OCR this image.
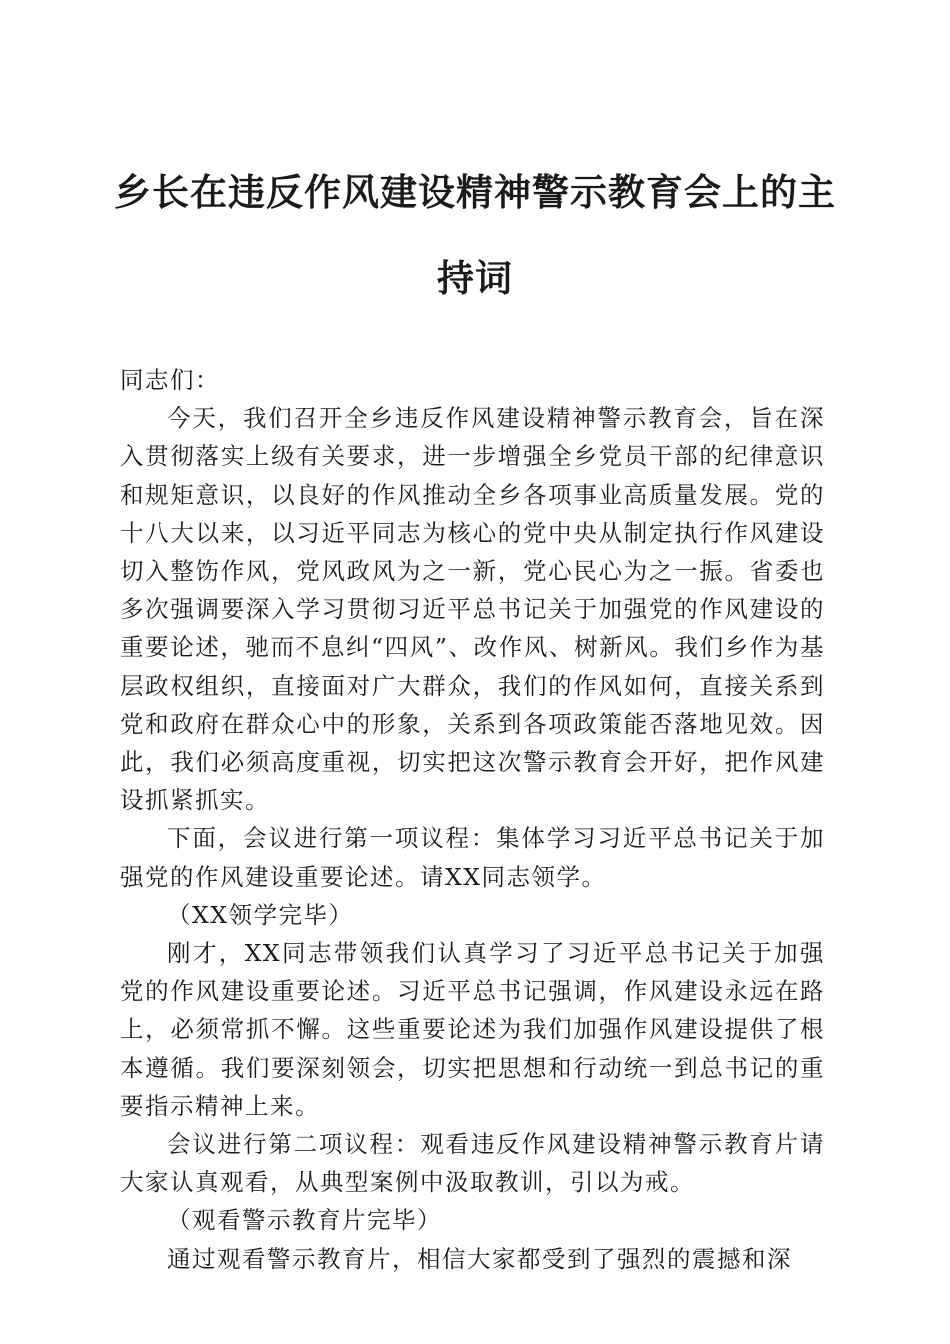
乡长在违反作风建设精神警示教育会上的主持词

同志们：

今天，我们召开全乡违反作风建设精神警示教育会，旨在深入贯彻落实上级有关要求，进一步增强全乡党员干部的纪律意识和规矩意识，以良好的作风推动全乡各项事业高质量发展。党的十八大以来，以习近平同志为核心的党中央从制定执行作风建设切入整饬作风，党风政风为之一新，党心民心为之一振。省委也多次强调要深入学习贯彻习近平总书记关于加强党的作风建设的重要论述，驰而不息纠“四风”、改作风、树新风。我们乡作为基层政权组织，直接面对广大群众，我们的作风如何，直接关系到党和政府在群众心中的形象，关系到各项政策能否落地见效。因此，我们必须高度重视，切实把这次警示教育会开好，把作风建设抓紧抓实。

下面，会议进行第一项议程：集体学习习近平总书记关于加强党的作风建设重要论述。请XX同志领学。

（XX领学完毕）

刚才，XX同志带领我们认真学习了习近平总书记关于加强党的作风建设重要论述。习近平总书记强调，作风建设永远在路上，必须常抓不懈。这些重要论述为我们加强作风建设提供了根本遵循。我们要深刻领会，切实把思想和行动统一到总书记的重要指示精神上来。

会议进行第二项议程：观看违反作风建设精神警示教育片请大家认真观看，从典型案例中汲取教训，引以为戒。

（观看警示教育片完毕）

通过观看警示教育片，相信大家都受到了强烈的震撼和深
